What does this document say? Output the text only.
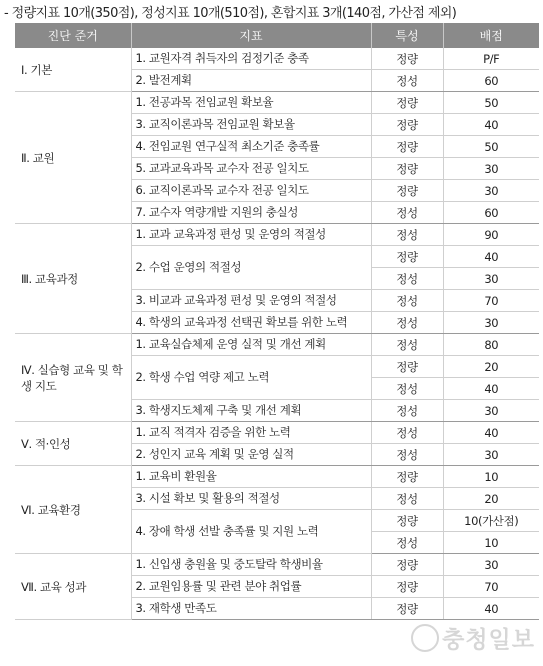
- 정량지표 10개(350점), 정성지표 10개(510점), 혼합지표 3개(140점, 가산점 제외)
진단 준거	지표	특성	배점

Ⅰ. 기본	1. 교원자격 취득자의 검정기준 충족	정량	P/F

	2. 발전계획	정성	60

Ⅱ. 교원	1. 전공과목 전임교원 확보율	정량	50

	3. 교직이론과목 전임교원 확보율	정량	40

	4. 전임교원 연구실적 최소기준 충족률	정량	50

	5. 교과교육과목 교수자 전공 일치도	정량	30

	6. 교직이론과목 교수자 전공 일치도	정량	30

	7. 교수자 역량개발 지원의 충실성	정성	60

Ⅲ. 교육과정	1. 교과 교육과정 편성 및 운영의 적절성	정성	90

	2. 수업 운영의 적절성	정량	40
		정성	30

	3. 비교과 교육과정 편성 및 운영의 적절성	정성	70

	4. 학생의 교육과정 선택권 확보를 위한 노력	정성	30

Ⅳ. 실습형 교육 및 학생 지도	1. 교육실습체제 운영 실적 및 개선 계획	정성	80

	2. 학생 수업 역량 제고 노력	정량	20
		정성	40

	3. 학생지도체제 구축 및 개선 계획	정성	30

Ⅴ. 적·인성	1. 교직 적격자 검증을 위한 노력	정성	40

	2. 성인지 교육 계획 및 운영 실적	정성	30

Ⅵ. 교육환경	1. 교육비 환원율	정량	10

	3. 시설 확보 및 활용의 적절성	정성	20

	4. 장애 학생 선발 충족률 및 지원 노력	정량	10(가산점)
		정성	10

Ⅶ. 교육 성과	1. 신입생 충원율 및 중도탈락 학생비율	정량	30

	2. 교원임용률 및 관련 분야 취업률	정량	70

	3. 재학생 만족도	정량	40
충청일보
